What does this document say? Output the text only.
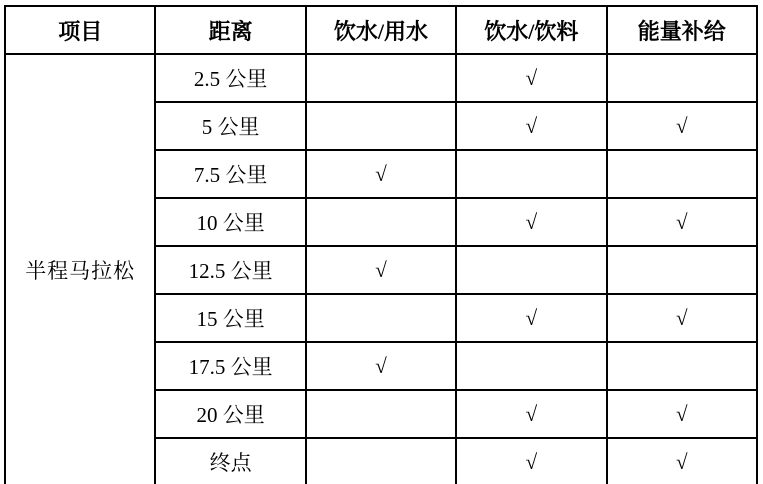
项目	距离	饮水/用水	饮水/饮料	能量补给
半程马拉松	2.5 公里		√	
	5 公里		√	√
	7.5 公里	√		
	10 公里		√	√
	12.5 公里	√		
	15 公里		√	√
	17.5 公里	√		
	20 公里		√	√
	终点		√	√
